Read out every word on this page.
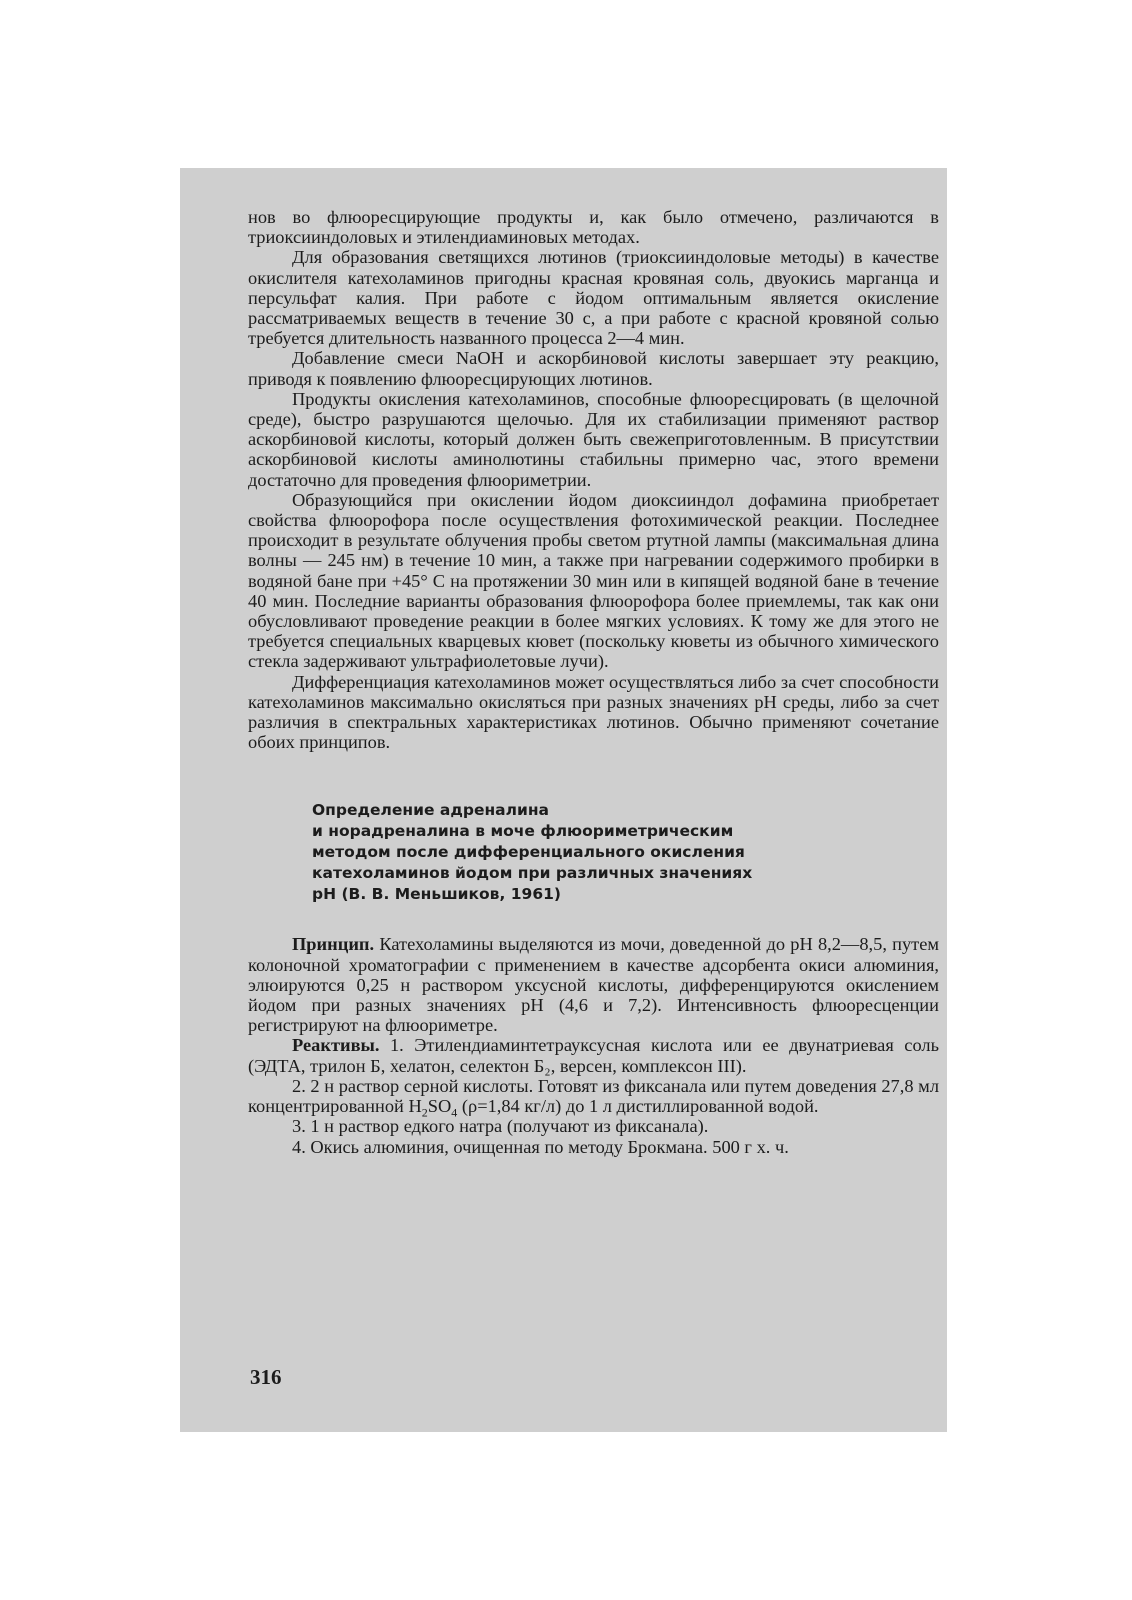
нов во флюоресцирующие продукты и, как было отмечено, различаются в триоксииндоловых и этилендиаминовых методах.

Для образования светящихся лютинов (триоксииндоловые методы) в качестве окислителя катехоламинов пригодны красная кровяная соль, двуокись марганца и персульфат калия. При работе с йодом оптимальным является окисление рассматриваемых веществ в течение 30 с, а при работе с красной кровяной солью требуется длительность названного процесса 2—4 мин.

Добавление смеси NaOH и аскорбиновой кислоты завершает эту реакцию, приводя к появлению флюоресцирующих лютинов.

Продукты окисления катехоламинов, способные флюоресцировать (в щелочной среде), быстро разрушаются щелочью. Для их стабилизации применяют раствор аскорбиновой кислоты, который должен быть свежеприготовленным. В присутствии аскорбиновой кислоты аминолютины стабильны примерно час, этого времени достаточно для проведения флюориметрии.

Образующийся при окислении йодом диоксииндол дофамина приобретает свойства флюорофора после осуществления фотохимической реакции. Последнее происходит в результате облучения пробы светом ртутной лампы (максимальная длина волны — 245 нм) в течение 10 мин, а также при нагревании содержимого пробирки в водяной бане при +45° С на протяжении 30 мин или в кипящей водяной бане в течение 40 мин. Последние варианты образования флюорофора более приемлемы, так как они обусловливают проведение реакции в более мягких условиях. К тому же для этого не требуется специальных кварцевых кювет (поскольку кюветы из обычного химического стекла задерживают ультрафиолетовые лучи).

Дифференциация катехоламинов может осуществляться либо за счет способности катехоламинов максимально окисляться при разных значениях pH среды, либо за счет различия в спектральных характеристиках лютинов. Обычно применяют сочетание обоих принципов.

Определение адреналина
и норадреналина в моче флюориметрическим
методом после дифференциального окисления
катехоламинов йодом при различных значениях
pH (В. В. Меньшиков, 1961)

Принцип. Катехоламины выделяются из мочи, доведенной до pH 8,2—8,5, путем колоночной хроматографии с применением в качестве адсорбента окиси алюминия, элюируются 0,25 н раствором уксусной кислоты, дифференцируются окислением йодом при разных значениях pH (4,6 и 7,2). Интенсивность флюоресценции регистрируют на флюориметре.

Реактивы. 1. Этилендиаминтетрауксусная кислота или ее двунатриевая соль (ЭДТА, трилон Б, хелатон, селектон Б₂, версен, комплексон III).

2. 2 н раствор серной кислоты. Готовят из фиксанала или путем доведения 27,8 мл концентрированной $H_2SO_4$ (ρ=1,84 кг/л) до 1 л дистиллированной водой.

3. 1 н раствор едкого натра (получают из фиксанала).

4. Окись алюминия, очищенная по методу Брокмана. 500 г х. ч.

316
